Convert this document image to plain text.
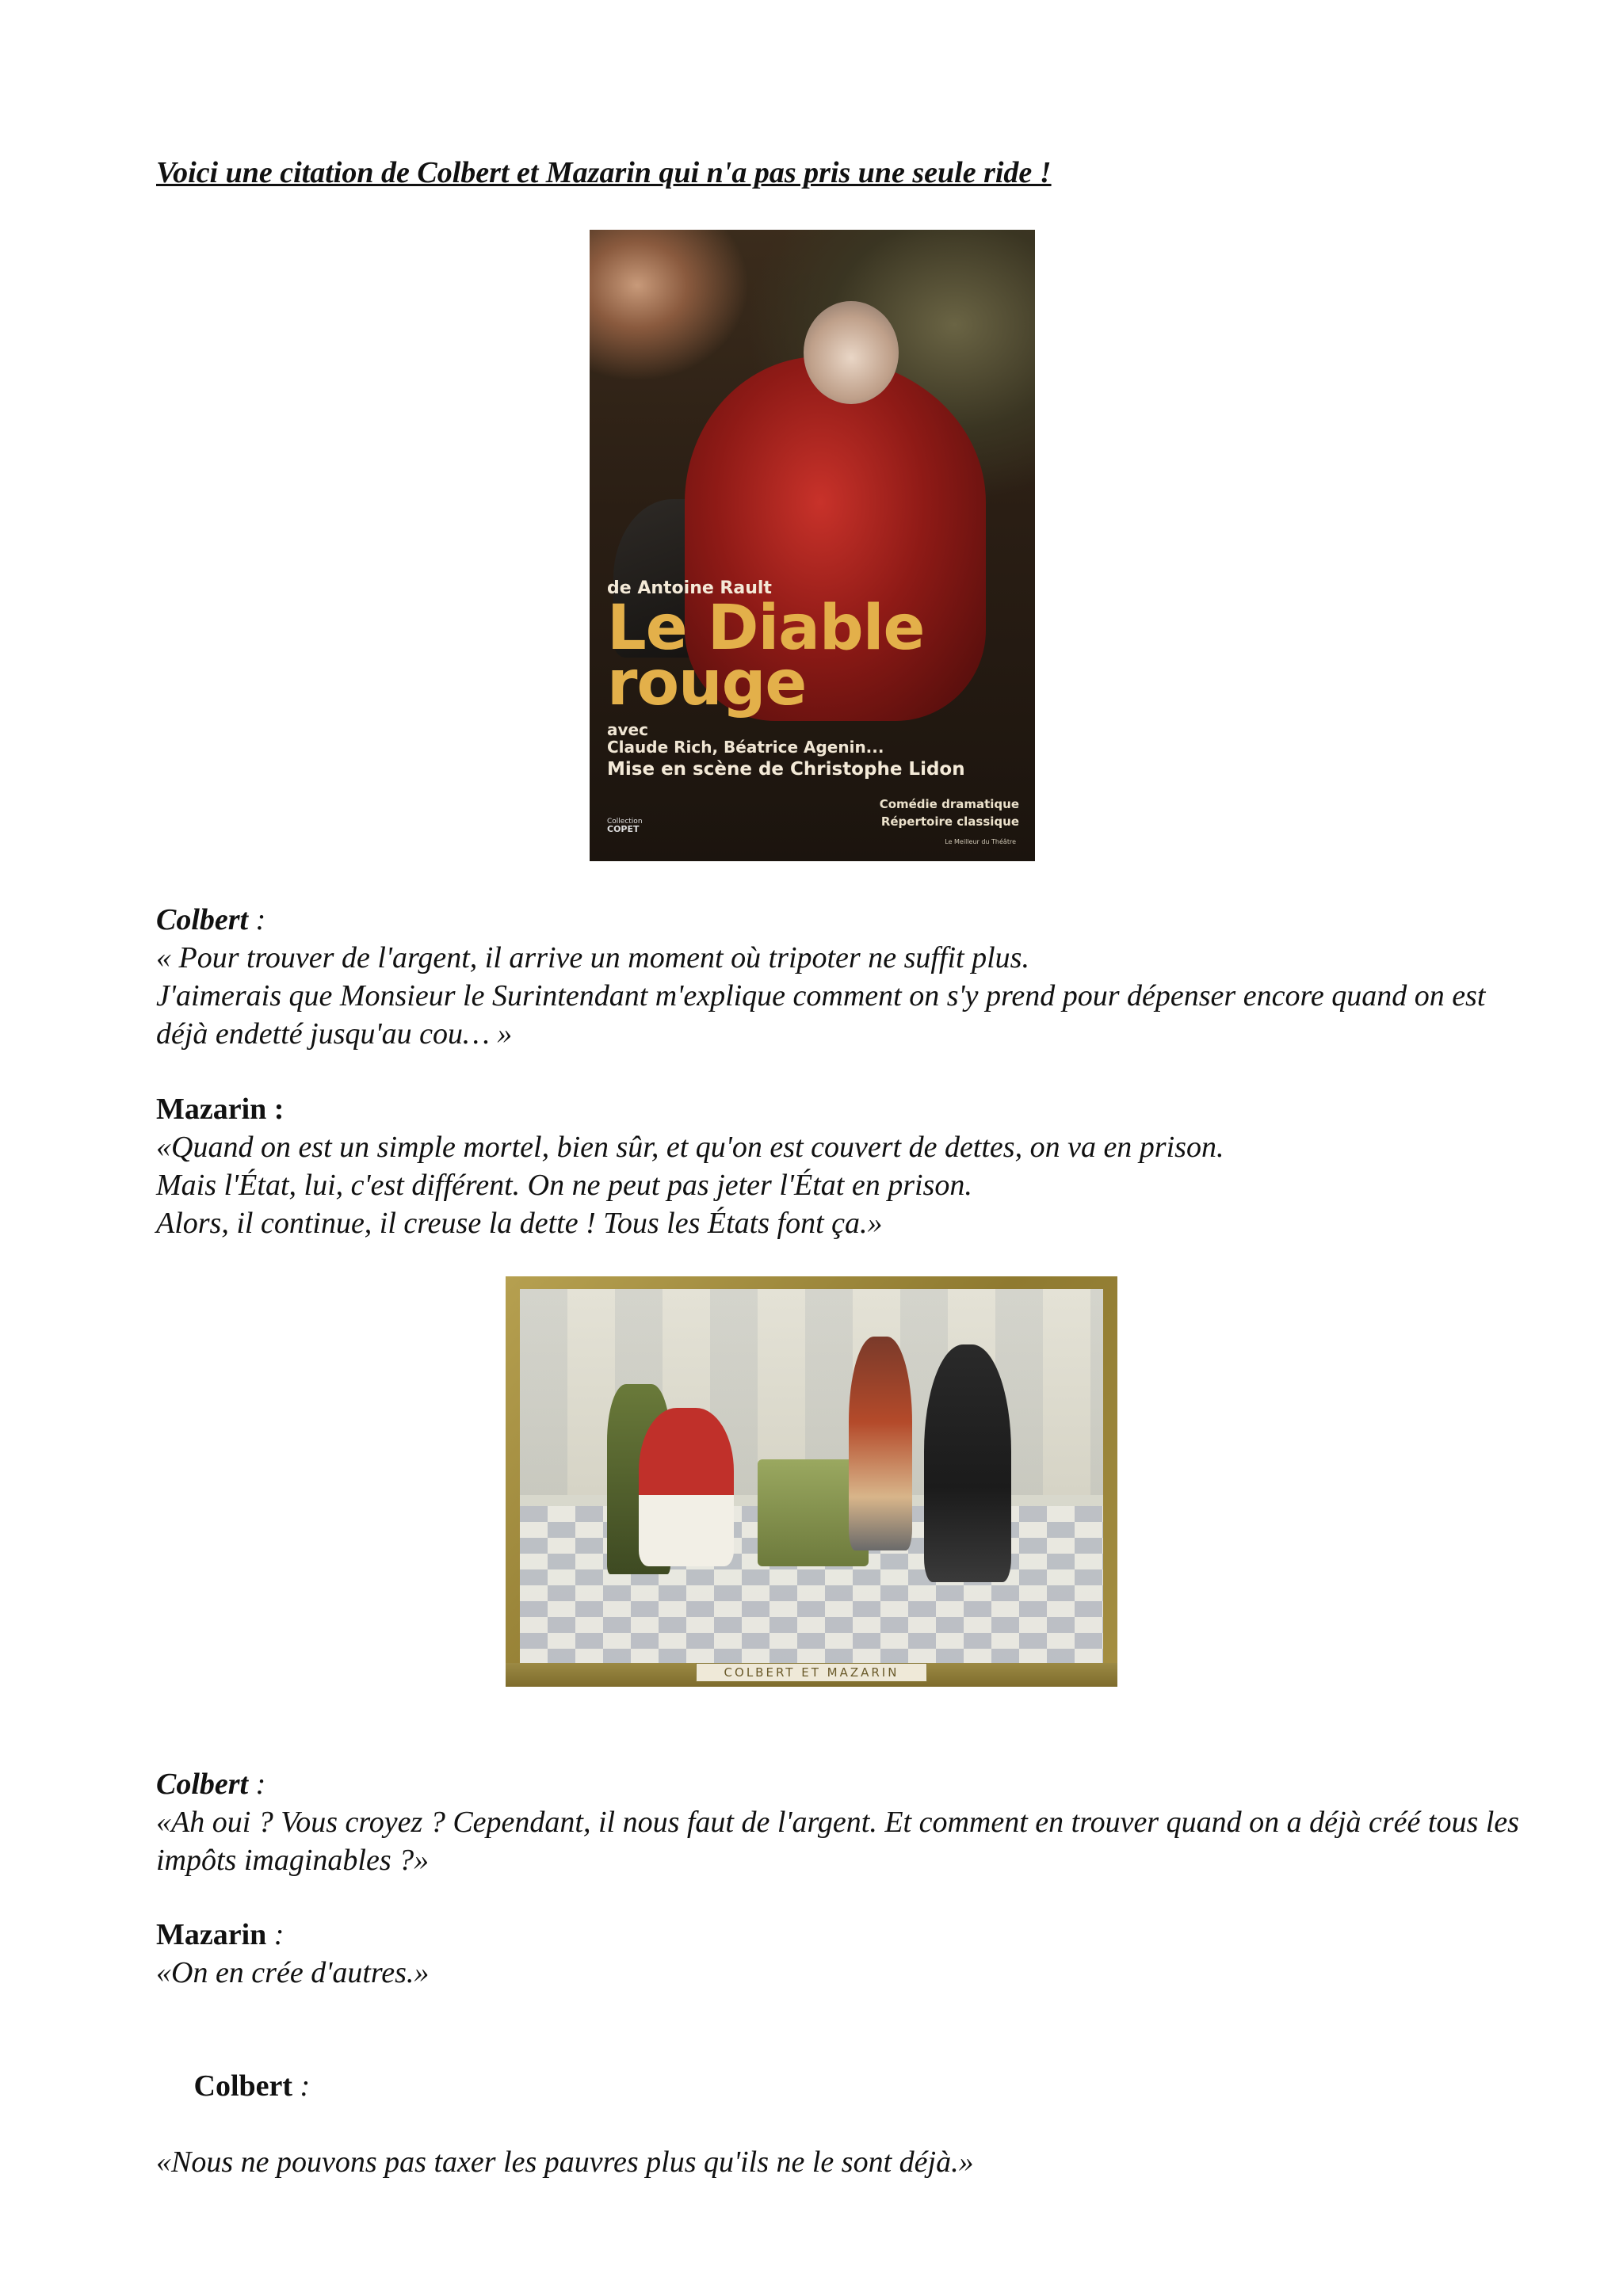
Voici une citation de Colbert et Mazarin qui n'a pas pris une seule ride !

de Antoine Rault
Le Diable
rouge
avec
Claude Rich, Béatrice Agenin...
Mise en scène de Christophe Lidon
Comédie dramatique
Répertoire classique
Collection
COPET
Le Meilleur du Théâtre
Colbert :
« Pour trouver de l'argent, il arrive un moment où tripoter ne suffit plus.
J'aimerais que Monsieur le Surintendant m'explique comment on s'y prend pour dépenser encore quand on est déjà endetté jusqu'au cou… »
Mazarin :
«Quand on est un simple mortel, bien sûr, et qu'on est couvert de dettes, on va en prison.
Mais l'État, lui, c'est différent. On ne peut pas jeter l'État en prison.
Alors, il continue, il creuse la dette ! Tous les États font ça.»
COLBERT ET MAZARIN
Colbert :
«Ah oui ? Vous croyez ? Cependant, il nous faut de l'argent. Et comment en trouver quand on a déjà créé tous les impôts imaginables ?»
Mazarin :
«On en crée d'autres.»

Colbert :

«Nous ne pouvons pas taxer les pauvres plus qu'ils ne le sont déjà.»
